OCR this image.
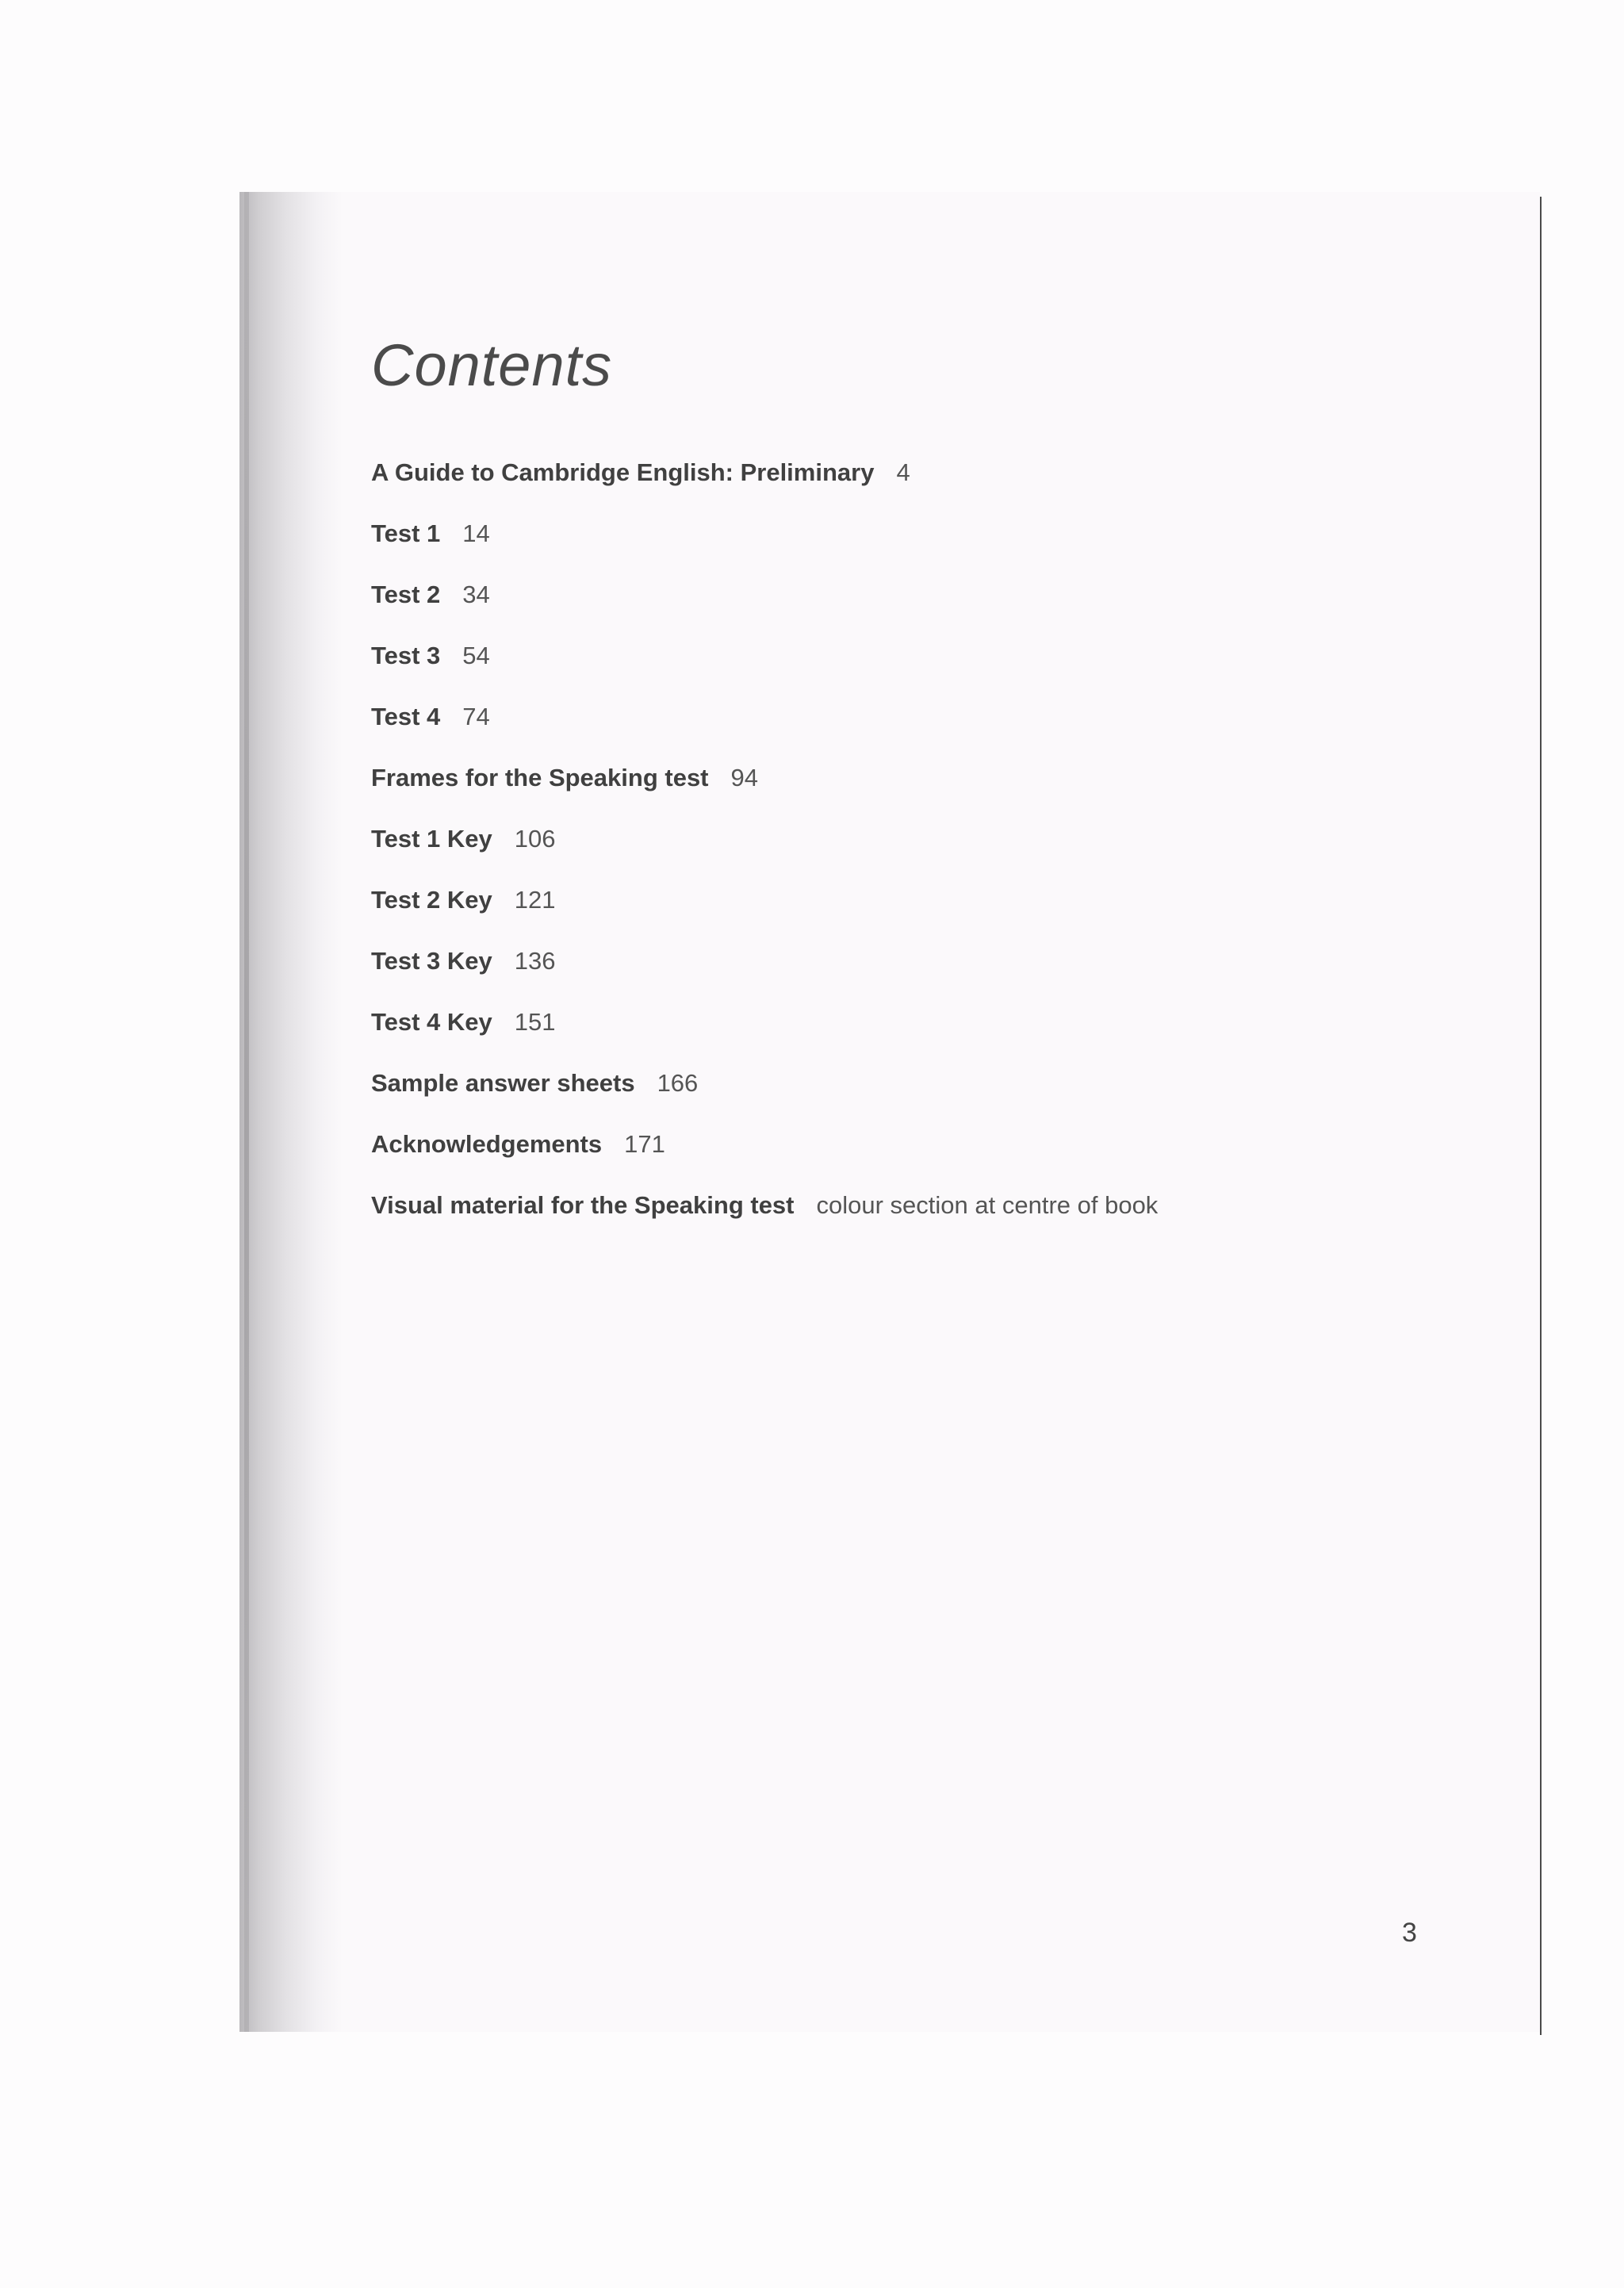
Contents
A Guide to Cambridge English: Preliminary 4
Test 1 14
Test 2 34
Test 3 54
Test 4 74
Frames for the Speaking test 94
Test 1 Key 106
Test 2 Key 121
Test 3 Key 136
Test 4 Key 151
Sample answer sheets 166
Acknowledgements 171
Visual material for the Speaking test colour section at centre of book
3
